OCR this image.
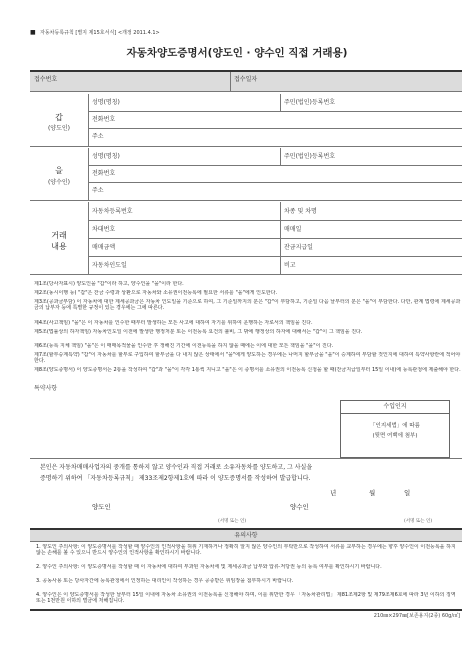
■ 자동차등록규칙 [별지 제15호서식] <개정 2011.4.1>
자동차양도증명서(양도인 · 양수인 직접 거래용)
접수번호	접수일자
갑
(양도인)
성명(명칭)	주민(법인)등록번호
전화번호
주소
을
(양수인)
성명(명칭)	주민(법인)등록번호
전화번호
주소
거래
내용
자동차등록번호	차종 및 차명
차대번호	매매일
매매금액	잔금지급일
자동차인도일	비고
제1조(당사자표시) 양도인을 "갑"이라 하고, 양수인을 "을"이라 한다.
제2조(동시이행 등) "갑"은 잔금 수령과 상환으로 자동차와 소유권이전등록에 필요한 서류를 "을"에게 인도한다.
제3조(공과금부담) 이 자동차에 대한 제세공과금은 자동차 인도일을 기준으로 하여, 그 기준일까지의 분은 "갑"이 부담하고, 기준일 다음 날부터의 분은 "을"이 부담한다. 다만, 관계 법령에 제세공과금의 납부자 등에 특별한 규정이 있는 경우에는 그에 따른다.
제4조(사고책임) "을"은 이 자동차를 인수한 때부터 발생하는 모든 사고에 대하여 자기를 위하여 운행하는 자로서의 책임을 진다.
제5조(법률상의 하자책임) 자동차인도일 이전에 발생한 행정처분 또는 이전등록 요건의 불비, 그 밖에 행정상의 하자에 대해서는 "갑"이 그 책임을 진다.
제6조(등록 지체 책임) "을"은 이 매매목적물을 인수한 후 정해진 기간에 이전등록을 하지 않을 때에는 이에 대한 모든 책임을 "을"이 진다.
제7조(할부승계특약) "갑"이 자동차를 할부로 구입하여 할부금을 다 내지 않은 상태에서 "을"에게 양도하는 경우에는 나머지 할부금을 "을"이 승계하여 부담할 것인지에 대하여 특약사항란에 적어야 한다.
제8조(양도증명서) 이 양도증명서는 2통을 작성하여 "갑"과 "을"이 각각 1통씩 지니고 "을"은 이 증명서를 소유권의 이전등록 신청을 할 때(잔금지급일부터 15일 이내)에 등록관청에 제출해야 한다.
특약사항
수입인지
「인지세법」에 따름
(뒷면 여백에 첨부)
본인은 자동차매매사업자의 중개를 통하지 않고 양수인과 직접 거래로 소유자동차를 양도하고, 그 사실을
증명하기 위하여 「자동차등록규칙」 제33조제2항제1호에 따라 이 양도증명서를 작성하여 발급합니다.
년	월	일
양도인
(서명 또는 인)
양수인
(서명 또는 인)
유의사항
1. 양도인 주의사항: 이 양도증명서를 작성할 때 양수인의 인적사항을 허위 기재하거나 정확히 알지 않은 양수인의 부탁만으로 작성하여 서류를 교부하는 경우에는 향후 양수인이 이전등록을 하지 않는 손해를 볼 수 있으니 반드시 양수인의 인적사항을 확인하시기 바랍니다.
2. 양수인 주의사항: 이 양도증명서를 작성할 때 이 자동차에 대하여 부과된 자동차세 및 제세공과금 납부와 압류·저당권 등의 등록 여부를 확인하시기 바랍니다.
3. 공동사용 또는 당사자간에 등록관청에서 인정하는 대리인이 작성하는 경우 공증받은 위임장을 첨부하시기 바랍니다.
4. 양수인은 이 양도증명서를 작성한 날부터 15일 이내에 자동차 소유권의 이전등록을 신청해야 하며, 이를 위반한 경우 「자동차관리법」 제81조제2항 및 제79조제6호에 따라 3년 이하의 징역 또는 1천만원 이하의 벌금에 처해집니다.
210㎜×297㎜[보존용지(2종) 60g/㎡]
